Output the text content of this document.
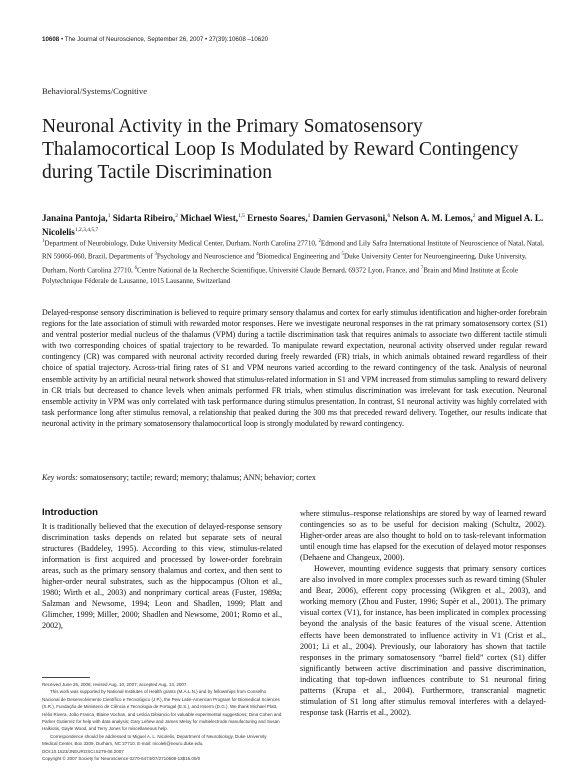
10608 • The Journal of Neuroscience, September 26, 2007 • 27(39):10608 –10620
Behavioral/Systems/Cognitive
Neuronal Activity in the Primary Somatosensory Thalamocortical Loop Is Modulated by Reward Contingency during Tactile Discrimination
Janaina Pantoja,$^1$ Sidarta Ribeiro,$^2$ Michael Wiest,$^{1,5}$ Ernesto Soares,$^1$ Damien Gervasoni,$^6$ Nelson A. M. Lemos,$^2$ and Miguel A. L. Nicolelis$^{1,2,3,4,5,7}$
$^1$Department of Neurobiology, Duke University Medical Center, Durham, North Carolina 27710, $^2$Edmond and Lily Safra International Institute of Neuroscience of Natal, Natal, RN 59066-060, Brazil, Departments of $^3$Psychology and Neuroscience and $^4$Biomedical Engineering and $^5$Duke University Center for Neuroengineering, Duke University, Durham, North Carolina 27710, $^6$Centre National de la Recherche Scientifique, Université Claude Bernard, 69372 Lyon, France, and $^7$Brain and Mind Institute at École Polytechnique Féderale de Lausanne, 1015 Lausanne, Switzerland

Delayed-response sensory discrimination is believed to require primary sensory thalamus and cortex for early stimulus identification and higher-order forebrain regions for the late association of stimuli with rewarded motor responses. Here we investigate neuronal responses in the rat primary somatosensory cortex (S1) and ventral posterior medial nucleus of the thalamus (VPM) during a tactile discrimination task that requires animals to associate two different tactile stimuli with two corresponding choices of spatial trajectory to be rewarded. To manipulate reward expectation, neuronal activity observed under regular reward contingency (CR) was compared with neuronal activity recorded during freely rewarded (FR) trials, in which animals obtained reward regardless of their choice of spatial trajectory. Across-trial firing rates of S1 and VPM neurons varied according to the reward contingency of the task. Analysis of neuronal ensemble activity by an artificial neural network showed that stimulus-related information in S1 and VPM increased from stimulus sampling to reward delivery in CR trials but decreased to chance levels when animals performed FR trials, when stimulus discrimination was irrelevant for task execution. Neuronal ensemble activity in VPM was only correlated with task performance during stimulus presentation. In contrast, S1 neuronal activity was highly correlated with task performance long after stimulus removal, a relationship that peaked during the 300 ms that preceded reward delivery. Together, our results indicate that neuronal activity in the primary somatosensory thalamocortical loop is strongly modulated by reward contingency.

Key words: somatosensory; tactile; reward; memory; thalamus; ANN; behavior; cortex
Introduction

It is traditionally believed that the execution of delayed-response sensory discrimination tasks depends on related but separate sets of neural structures (Baddeley, 1995). According to this view, stimulus-related information is first acquired and processed by lower-order forebrain areas, such as the primary sensory thalamus and cortex, and then sent to higher-order neural substrates, such as the hippocampus (Olton et al., 1980; Wirth et al., 2003) and nonprimary cortical areas (Fuster, 1989a; Salzman and Newsome, 1994; Leon and Shadlen, 1999; Platt and Glimcher, 1999; Miller, 2000; Shadlen and Newsome, 2001; Romo et al., 2002),

where stimulus–response relationships are stored by way of learned reward contingencies so as to be useful for decision making (Schultz, 2002). Higher-order areas are also thought to hold on to task-relevant information until enough time has elapsed for the execution of delayed motor responses (Dehaene and Changeux, 2000).

However, mounting evidence suggests that primary sensory cortices are also involved in more complex processes such as reward timing (Shuler and Bear, 2006), efferent copy processing (Wikgren et al., 2003), and working memory (Zhou and Fuster, 1996; Supèr et al., 2001). The primary visual cortex (V1), for instance, has been implicated in complex processing beyond the analysis of the basic features of the visual scene. Attention effects have been demonstrated to influence activity in V1 (Crist et al., 2001; Li et al., 2004). Previously, our laboratory has shown that tactile responses in the primary somatosensory “barrel field” cortex (S1) differ significantly between active discrimination and passive discrimination, indicating that top-down influences contribute to S1 neuronal firing patterns (Krupa et al., 2004). Furthermore, transcranial magnetic stimulation of S1 long after stimulus removal interferes with a delayed-response task (Harris et al., 2002).

Received June 26, 2006; revised Aug. 10, 2007; accepted Aug. 14, 2007.

This work was supported by National Institutes of Health grants (M.A.L.N.) and by fellowships from Conselho Nacional de Desenvolvimento Científico e Tecnológico (J.P.), the Pew Latin-American Program for Biomedical Sciences (S.R.), Fundação de Ministerio de Ciência e Tecnologia de Portugal (E.S.), and Inserm (D.G.). We thank Michael Platt, Hélio Rivera, João Franca, Blaine Vochan, and Letícia Dibiancio for valuable experimental suggestions; Dina Cohen and Parker Gutierrez for help with data analysis; Gary Lehew and James Meloy for multielectrode manufacturing and Susan Halkiotis, Gayle Wood, and Terry Jones for miscellaneous help.

Correspondence should be addressed to Miguel A. L. Nicolelis, Department of Neurobiology, Duke University Medical Center, Box 3209, Durham, NC 27710. E-mail: nicoleli@neuro.duke.edu.

DOI:10.1523/JNEUROSCI.5279-06.2007

Copyright © 2007 Society for Neuroscience 0270-6474/07/2710608-13$15.00/0
